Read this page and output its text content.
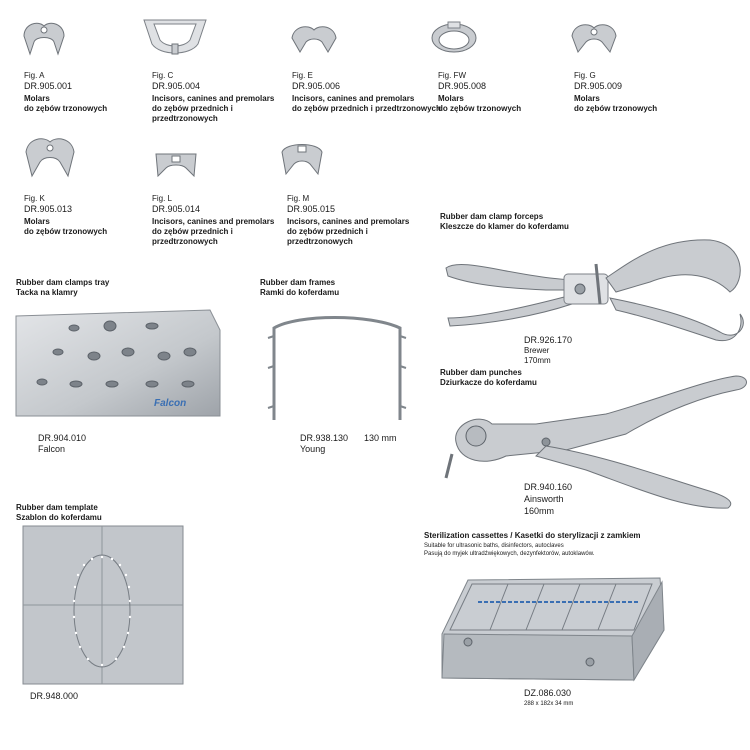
Fig. A
DR.905.001
Molars
do zębów trzonowych
Fig. C
DR.905.004
Incisors, canines and premolars
do zębów przednich i
przedtrzonowych
Fig. E
DR.905.006
Incisors, canines and premolars
do zębów przednich i przedtrzonowych
Fig. FW
DR.905.008
Molars
do zębów trzonowych
Fig. G
DR.905.009
Molars
do zębów trzonowych
Fig. K
DR.905.013
Molars
do zębów trzonowych
Fig. L
DR.905.014
Incisors, canines and premolars
do zębów przednich i
przedtrzonowych
Fig. M
DR.905.015
Incisors, canines and premolars
do zębów przednich i
przedtrzonowych
Rubber dam clamps tray
Tacka na klamry
Falcon
DR.904.010
Falcon
Rubber dam frames
Ramki do koferdamu
DR.938.130 130 mm
Young
Rubber dam clamp forceps
Kleszcze do klamer do koferdamu
DR.926.170
Brewer
170mm
Rubber dam punches
Dziurkacze do koferdamu
DR.940.160
Ainsworth
160mm
Rubber dam template
Szablon do koferdamu
DR.948.000
Sterilization cassettes / Kasetki do sterylizacji z zamkiem
Suitable for ultrasonic baths, disinfectors, autoclaves
Pasują do myjek ultradźwiękowych, dezynfektorów, autoklawów.
DZ.086.030
288 x 182x 34 mm
